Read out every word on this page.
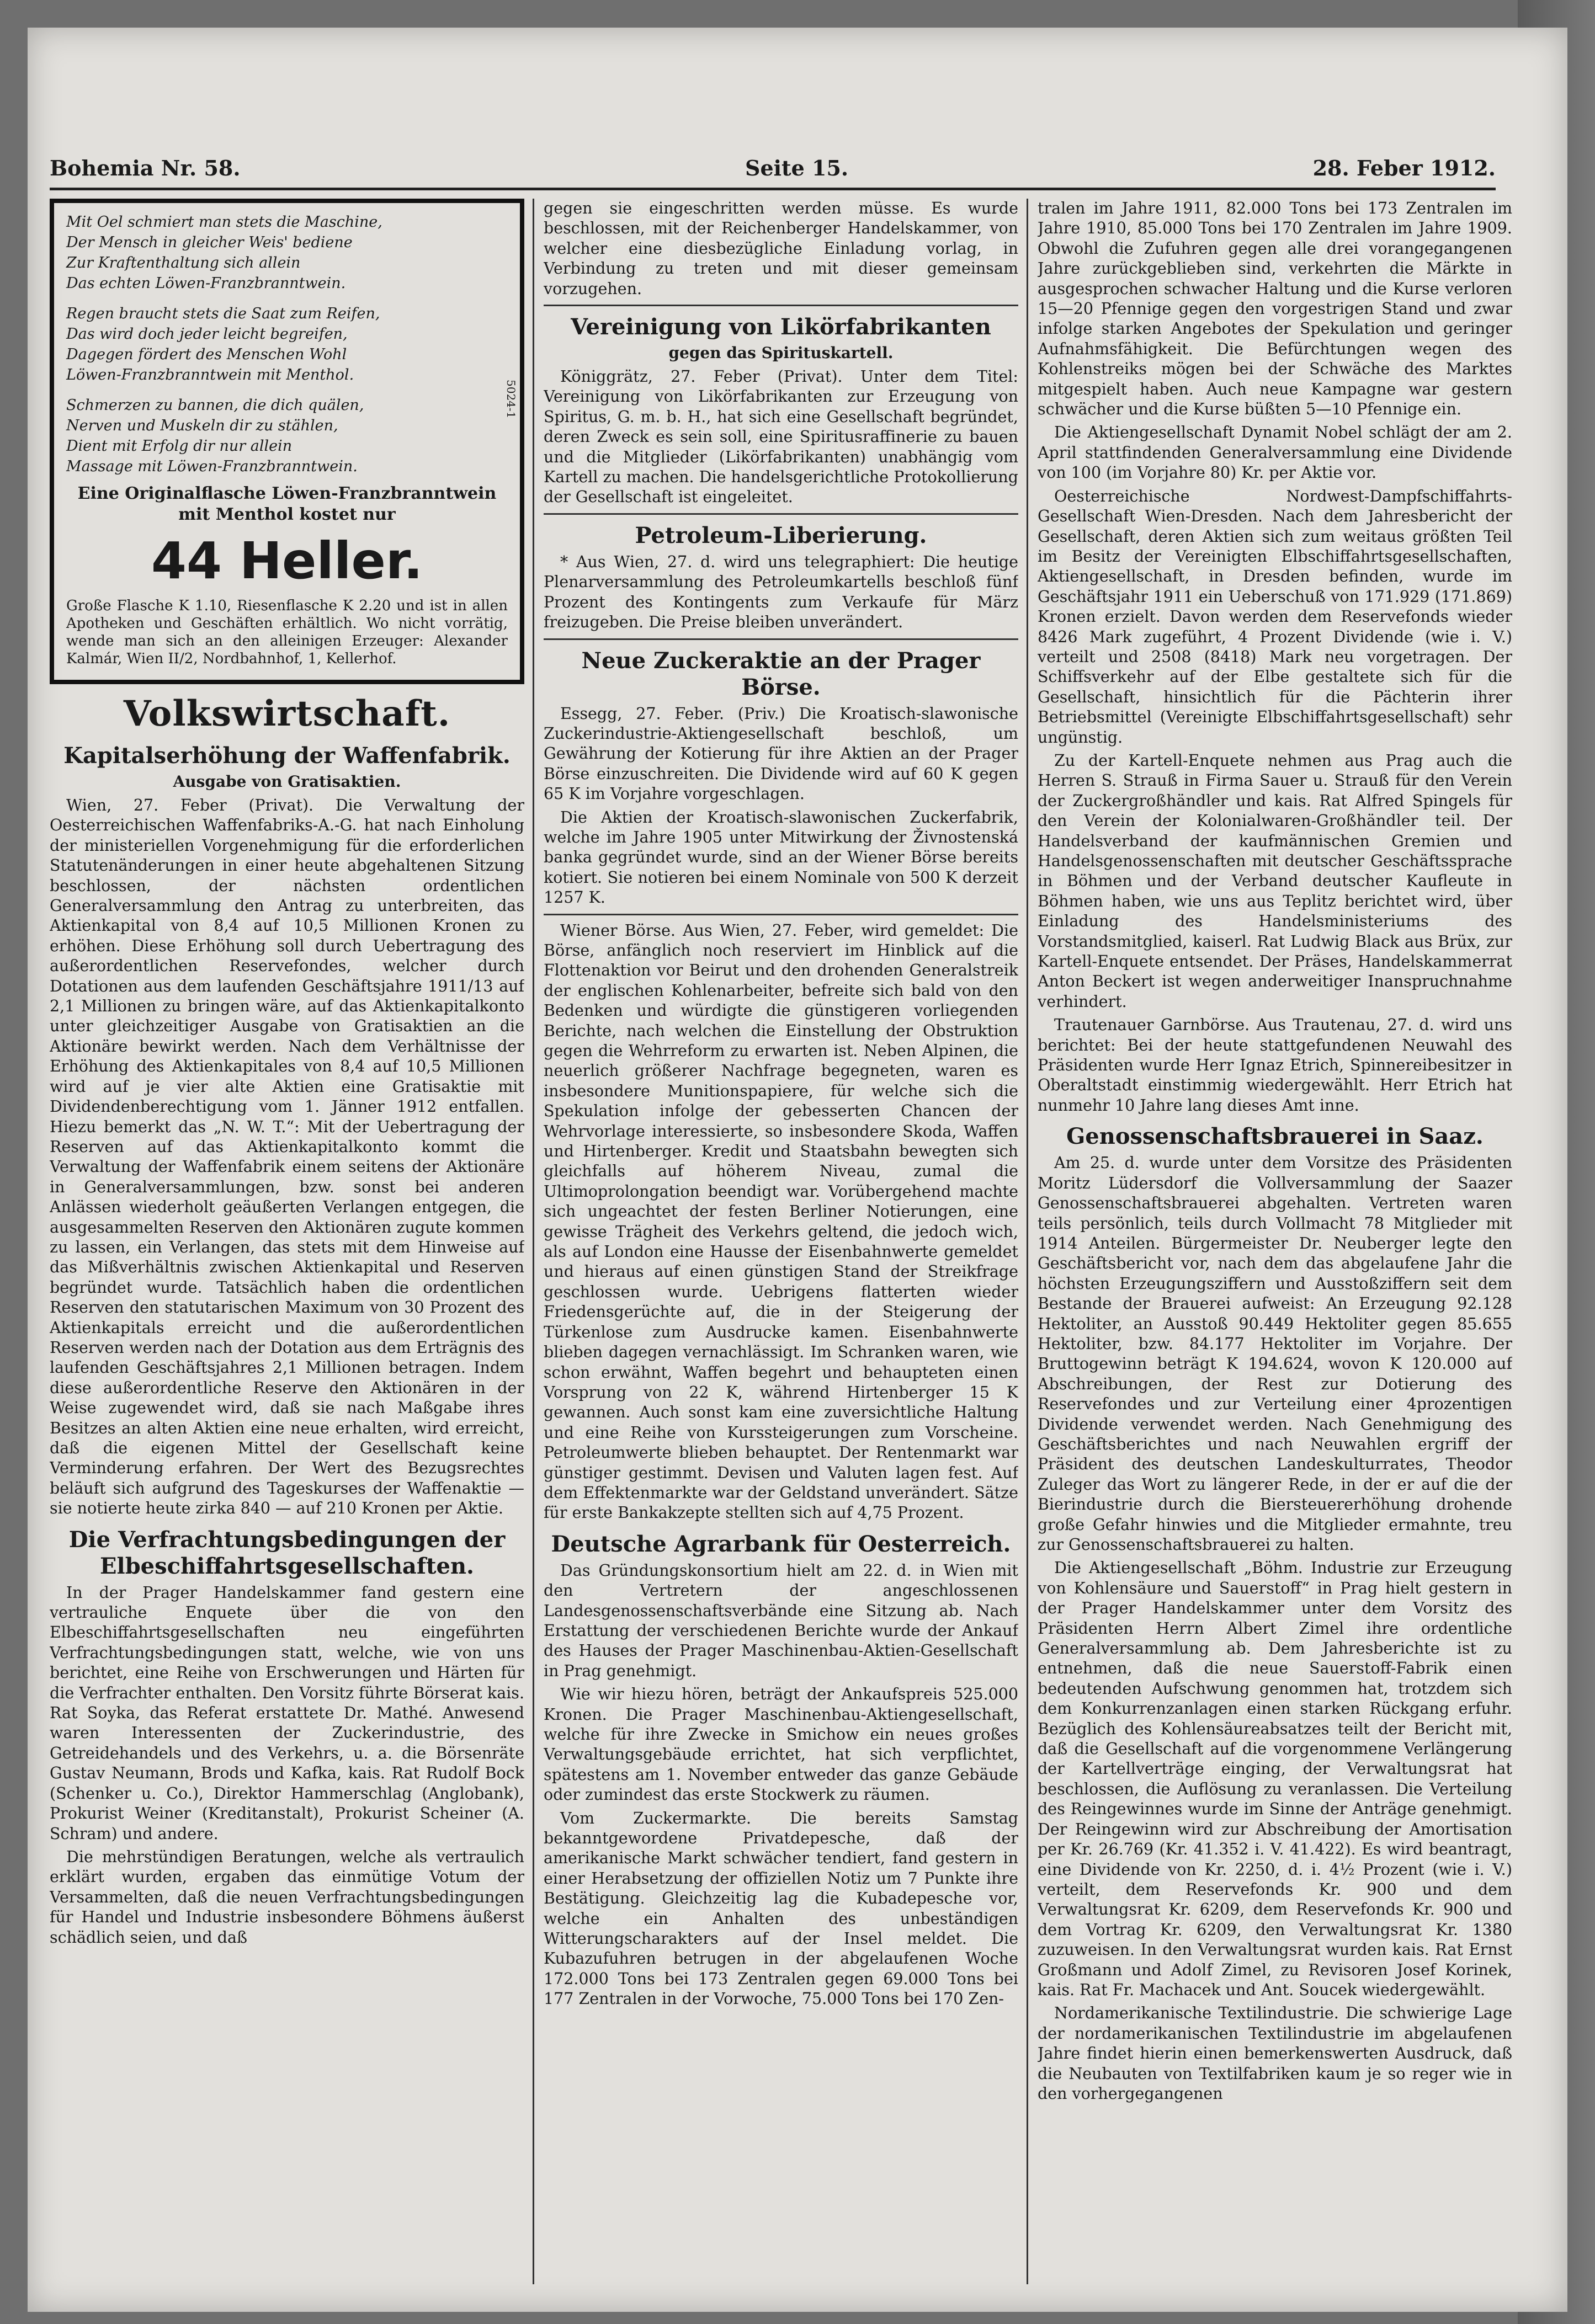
Bohemia Nr. 58.	Seite 15.	28. Feber 1912.

Mit Oel schmiert man stets die Maschine,

Der Mensch in gleicher Weis' bediene

Zur Kraftenthaltung sich allein

Das echten Löwen-Franzbranntwein.

Regen braucht stets die Saat zum Reifen,

Das wird doch jeder leicht begreifen,

Dagegen fördert des Menschen Wohl

Löwen-Franzbranntwein mit Menthol.

Schmerzen zu bannen, die dich quälen,

Nerven und Muskeln dir zu stählen,

Dient mit Erfolg dir nur allein

Massage mit Löwen-Franzbranntwein.

Eine Originalflasche Löwen-Franzbranntwein mit Menthol kostet nur

44 Heller.

Große Flasche K 1.10, Riesenflasche K 2.20 und ist in allen Apotheken und Geschäften erhältlich. Wo nicht vorrätig, wende man sich an den alleinigen Erzeuger: Alexander Kalmár, Wien II/2, Nordbahnhof, 1, Kellerhof.

5024-1
Volkswirtschaft.
Kapitalserhöhung der Waffenfabrik.
Ausgabe von Gratisaktien.

Wien, 27. Feber (Privat). Die Verwaltung der Oesterreichischen Waffenfabriks-A.-G. hat nach Einholung der ministeriellen Vorgenehmigung für die erforderlichen Statutenänderungen in einer heute abgehaltenen Sitzung beschlossen, der nächsten ordentlichen Generalversammlung den Antrag zu unterbreiten, das Aktienkapital von 8,4 auf 10,5 Millionen Kronen zu erhöhen. Diese Erhöhung soll durch Uebertragung des außerordentlichen Reservefondes, welcher durch Dotationen aus dem laufenden Geschäftsjahre 1911/13 auf 2,1 Millionen zu bringen wäre, auf das Aktienkapitalkonto unter gleichzeitiger Ausgabe von Gratisaktien an die Aktionäre bewirkt werden. Nach dem Verhältnisse der Erhöhung des Aktienkapitales von 8,4 auf 10,5 Millionen wird auf je vier alte Aktien eine Gratisaktie mit Dividendenberechtigung vom 1. Jänner 1912 entfallen. Hiezu bemerkt das „N. W. T.“: Mit der Uebertragung der Reserven auf das Aktienkapitalkonto kommt die Verwaltung der Waffenfabrik einem seitens der Aktionäre in Generalversammlungen, bzw. sonst bei anderen Anlässen wiederholt geäußerten Verlangen entgegen, die ausgesammelten Reserven den Aktionären zugute kommen zu lassen, ein Verlangen, das stets mit dem Hinweise auf das Mißverhältnis zwischen Aktienkapital und Reserven begründet wurde. Tatsächlich haben die ordentlichen Reserven den statutarischen Maximum von 30 Prozent des Aktienkapitals erreicht und die außerordentlichen Reserven werden nach der Dotation aus dem Erträgnis des laufenden Geschäftsjahres 2,1 Millionen betragen. Indem diese außerordentliche Reserve den Aktionären in der Weise zugewendet wird, daß sie nach Maßgabe ihres Besitzes an alten Aktien eine neue erhalten, wird erreicht, daß die eigenen Mittel der Gesellschaft keine Verminderung erfahren. Der Wert des Bezugsrechtes beläuft sich aufgrund des Tageskurses der Waffenaktie — sie notierte heute zirka 840 — auf 210 Kronen per Aktie.

Die Verfrachtungsbedingungen der Elbeschiffahrtsgesellschaften.

In der Prager Handelskammer fand gestern eine vertrauliche Enquete über die von den Elbeschiffahrtsgesellschaften neu eingeführten Verfrachtungsbedingungen statt, welche, wie von uns berichtet, eine Reihe von Erschwerungen und Härten für die Verfrachter enthalten. Den Vorsitz führte Börserat kais. Rat Soyka, das Referat erstattete Dr. Mathé. Anwesend waren Interessenten der Zuckerindustrie, des Getreidehandels und des Verkehrs, u. a. die Börsenräte Gustav Neumann, Brods und Kafka, kais. Rat Rudolf Bock (Schenker u. Co.), Direktor Hammerschlag (Anglobank), Prokurist Weiner (Kreditanstalt), Prokurist Scheiner (A. Schram) und andere.

Die mehrstündigen Beratungen, welche als vertraulich erklärt wurden, ergaben das einmütige Votum der Versammelten, daß die neuen Verfrachtungsbedingungen für Handel und Industrie insbesondere Böhmens äußerst schädlich seien, und daß

gegen sie eingeschritten werden müsse. Es wurde beschlossen, mit der Reichenberger Handelskammer, von welcher eine diesbezügliche Einladung vorlag, in Verbindung zu treten und mit dieser gemeinsam vorzugehen.

Vereinigung von Likörfabrikanten
gegen das Spirituskartell.

Königgrätz, 27. Feber (Privat). Unter dem Titel: Vereinigung von Likörfabrikanten zur Erzeugung von Spiritus, G. m. b. H., hat sich eine Gesellschaft begründet, deren Zweck es sein soll, eine Spiritusraffinerie zu bauen und die Mitglieder (Likörfabrikanten) unabhängig vom Kartell zu machen. Die handelsgerichtliche Protokollierung der Gesellschaft ist eingeleitet.

Petroleum-Liberierung.

* Aus Wien, 27. d. wird uns telegraphiert: Die heutige Plenarversammlung des Petroleumkartells beschloß fünf Prozent des Kontingents zum Verkaufe für März freizugeben. Die Preise bleiben unverändert.

Neue Zuckeraktie an der Prager Börse.

Essegg, 27. Feber. (Priv.) Die Kroatisch-slawonische Zuckerindustrie-Aktiengesellschaft beschloß, um Gewährung der Kotierung für ihre Aktien an der Prager Börse einzuschreiten. Die Dividende wird auf 60 K gegen 65 K im Vorjahre vorgeschlagen.

Die Aktien der Kroatisch-slawonischen Zuckerfabrik, welche im Jahre 1905 unter Mitwirkung der Živnostenská banka gegründet wurde, sind an der Wiener Börse bereits kotiert. Sie notieren bei einem Nominale von 500 K derzeit 1257 K.

Wiener Börse. Aus Wien, 27. Feber, wird gemeldet: Die Börse, anfänglich noch reserviert im Hinblick auf die Flottenaktion vor Beirut und den drohenden Generalstreik der englischen Kohlenarbeiter, befreite sich bald von den Bedenken und würdigte die günstigeren vorliegenden Berichte, nach welchen die Einstellung der Obstruktion gegen die Wehrreform zu erwarten ist. Neben Alpinen, die neuerlich größerer Nachfrage begegneten, waren es insbesondere Munitionspapiere, für welche sich die Spekulation infolge der gebesserten Chancen der Wehrvorlage interessierte, so insbesondere Skoda, Waffen und Hirtenberger. Kredit und Staatsbahn bewegten sich gleichfalls auf höherem Niveau, zumal die Ultimoprolongation beendigt war. Vorübergehend machte sich ungeachtet der festen Berliner Notierungen, eine gewisse Trägheit des Verkehrs geltend, die jedoch wich, als auf London eine Hausse der Eisenbahnwerte gemeldet und hieraus auf einen günstigen Stand der Streikfrage geschlossen wurde. Uebrigens flatterten wieder Friedensgerüchte auf, die in der Steigerung der Türkenlose zum Ausdrucke kamen. Eisenbahnwerte blieben dagegen vernachlässigt. Im Schranken waren, wie schon erwähnt, Waffen begehrt und behaupteten einen Vorsprung von 22 K, während Hirtenberger 15 K gewannen. Auch sonst kam eine zuversichtliche Haltung und eine Reihe von Kurssteigerungen zum Vorscheine. Petroleumwerte blieben behauptet. Der Rentenmarkt war günstiger gestimmt. Devisen und Valuten lagen fest. Auf dem Effektenmarkte war der Geldstand unverändert. Sätze für erste Bankakzepte stellten sich auf 4,75 Prozent.

Deutsche Agrarbank für Oesterreich.

Das Gründungskonsortium hielt am 22. d. in Wien mit den Vertretern der angeschlossenen Landesgenossenschaftsverbände eine Sitzung ab. Nach Erstattung der verschiedenen Berichte wurde der Ankauf des Hauses der Prager Maschinenbau-Aktien-Gesellschaft in Prag genehmigt.

Wie wir hiezu hören, beträgt der Ankaufspreis 525.000 Kronen. Die Prager Maschinenbau-Aktiengesellschaft, welche für ihre Zwecke in Smichow ein neues großes Verwaltungsgebäude errichtet, hat sich verpflichtet, spätestens am 1. November entweder das ganze Gebäude oder zumindest das erste Stockwerk zu räumen.

Vom Zuckermarkte. Die bereits Samstag bekanntgewordene Privatdepesche, daß der amerikanische Markt schwächer tendiert, fand gestern in einer Herabsetzung der offiziellen Notiz um 7 Punkte ihre Bestätigung. Gleichzeitig lag die Kubadepesche vor, welche ein Anhalten des unbeständigen Witterungscharakters auf der Insel meldet. Die Kubazufuhren betrugen in der abgelaufenen Woche 172.000 Tons bei 173 Zentralen gegen 69.000 Tons bei 177 Zentralen in der Vorwoche, 75.000 Tons bei 170 Zen-

tralen im Jahre 1911, 82.000 Tons bei 173 Zentralen im Jahre 1910, 85.000 Tons bei 170 Zentralen im Jahre 1909. Obwohl die Zufuhren gegen alle drei vorangegangenen Jahre zurückgeblieben sind, verkehrten die Märkte in ausgesprochen schwacher Haltung und die Kurse verloren 15—20 Pfennige gegen den vorgestrigen Stand und zwar infolge starken Angebotes der Spekulation und geringer Aufnahmsfähigkeit. Die Befürchtungen wegen des Kohlenstreiks mögen bei der Schwäche des Marktes mitgespielt haben. Auch neue Kampagne war gestern schwächer und die Kurse büßten 5—10 Pfennige ein.

Die Aktiengesellschaft Dynamit Nobel schlägt der am 2. April stattfindenden Generalversammlung eine Dividende von 100 (im Vorjahre 80) Kr. per Aktie vor.

Oesterreichische Nordwest-Dampfschiffahrts-Gesellschaft Wien-Dresden. Nach dem Jahresbericht der Gesellschaft, deren Aktien sich zum weitaus größten Teil im Besitz der Vereinigten Elbschiffahrtsgesellschaften, Aktiengesellschaft, in Dresden befinden, wurde im Geschäftsjahr 1911 ein Ueberschuß von 171.929 (171.869) Kronen erzielt. Davon werden dem Reservefonds wieder 8426 Mark zugeführt, 4 Prozent Dividende (wie i. V.) verteilt und 2508 (8418) Mark neu vorgetragen. Der Schiffsverkehr auf der Elbe gestaltete sich für die Gesellschaft, hinsichtlich für die Pächterin ihrer Betriebsmittel (Vereinigte Elbschiffahrtsgesellschaft) sehr ungünstig.

Zu der Kartell-Enquete nehmen aus Prag auch die Herren S. Strauß in Firma Sauer u. Strauß für den Verein der Zuckergroßhändler und kais. Rat Alfred Spingels für den Verein der Kolonialwaren-Großhändler teil. Der Handelsverband der kaufmännischen Gremien und Handelsgenossenschaften mit deutscher Geschäftssprache in Böhmen und der Verband deutscher Kaufleute in Böhmen haben, wie uns aus Teplitz berichtet wird, über Einladung des Handelsministeriums des Vorstandsmitglied, kaiserl. Rat Ludwig Black aus Brüx, zur Kartell-Enquete entsendet. Der Präses, Handelskammerrat Anton Beckert ist wegen anderweitiger Inanspruchnahme verhindert.

Trautenauer Garnbörse. Aus Trautenau, 27. d. wird uns berichtet: Bei der heute stattgefundenen Neuwahl des Präsidenten wurde Herr Ignaz Etrich, Spinnereibesitzer in Oberaltstadt einstimmig wiedergewählt. Herr Etrich hat nunmehr 10 Jahre lang dieses Amt inne.

Genossenschaftsbrauerei in Saaz.

Am 25. d. wurde unter dem Vorsitze des Präsidenten Moritz Lüdersdorf die Vollversammlung der Saazer Genossenschaftsbrauerei abgehalten. Vertreten waren teils persönlich, teils durch Vollmacht 78 Mitglieder mit 1914 Anteilen. Bürgermeister Dr. Neuberger legte den Geschäftsbericht vor, nach dem das abgelaufene Jahr die höchsten Erzeugungsziffern und Ausstoßziffern seit dem Bestande der Brauerei aufweist: An Erzeugung 92.128 Hektoliter, an Ausstoß 90.449 Hektoliter gegen 85.655 Hektoliter, bzw. 84.177 Hektoliter im Vorjahre. Der Bruttogewinn beträgt K 194.624, wovon K 120.000 auf Abschreibungen, der Rest zur Dotierung des Reservefondes und zur Verteilung einer 4prozentigen Dividende verwendet werden. Nach Genehmigung des Geschäftsberichtes und nach Neuwahlen ergriff der Präsident des deutschen Landeskulturrates, Theodor Zuleger das Wort zu längerer Rede, in der er auf die der Bierindustrie durch die Biersteuererhöhung drohende große Gefahr hinwies und die Mitglieder ermahnte, treu zur Genossenschaftsbrauerei zu halten.

Die Aktiengesellschaft „Böhm. Industrie zur Erzeugung von Kohlensäure und Sauerstoff“ in Prag hielt gestern in der Prager Handelskammer unter dem Vorsitz des Präsidenten Herrn Albert Zimel ihre ordentliche Generalversammlung ab. Dem Jahresberichte ist zu entnehmen, daß die neue Sauerstoff-Fabrik einen bedeutenden Aufschwung genommen hat, trotzdem sich dem Konkurrenzanlagen einen starken Rückgang erfuhr. Bezüglich des Kohlensäureabsatzes teilt der Bericht mit, daß die Gesellschaft auf die vorgenommene Verlängerung der Kartellverträge einging, der Verwaltungsrat hat beschlossen, die Auflösung zu veranlassen. Die Verteilung des Reingewinnes wurde im Sinne der Anträge genehmigt. Der Reingewinn wird zur Abschreibung der Amortisation per Kr. 26.769 (Kr. 41.352 i. V. 41.422). Es wird beantragt, eine Dividende von Kr. 2250, d. i. 4½ Prozent (wie i. V.) verteilt, dem Reservefonds Kr. 900 und dem Verwaltungsrat Kr. 6209, dem Reservefonds Kr. 900 und dem Vortrag Kr. 6209, den Verwaltungsrat Kr. 1380 zuzuweisen. In den Verwaltungsrat wurden kais. Rat Ernst Großmann und Adolf Zimel, zu Revisoren Josef Korinek, kais. Rat Fr. Machacek und Ant. Soucek wiedergewählt.

Nordamerikanische Textilindustrie. Die schwierige Lage der nordamerikanischen Textilindustrie im abgelaufenen Jahre findet hierin einen bemerkenswerten Ausdruck, daß die Neubauten von Textilfabriken kaum je so reger wie in den vorhergegangenen
